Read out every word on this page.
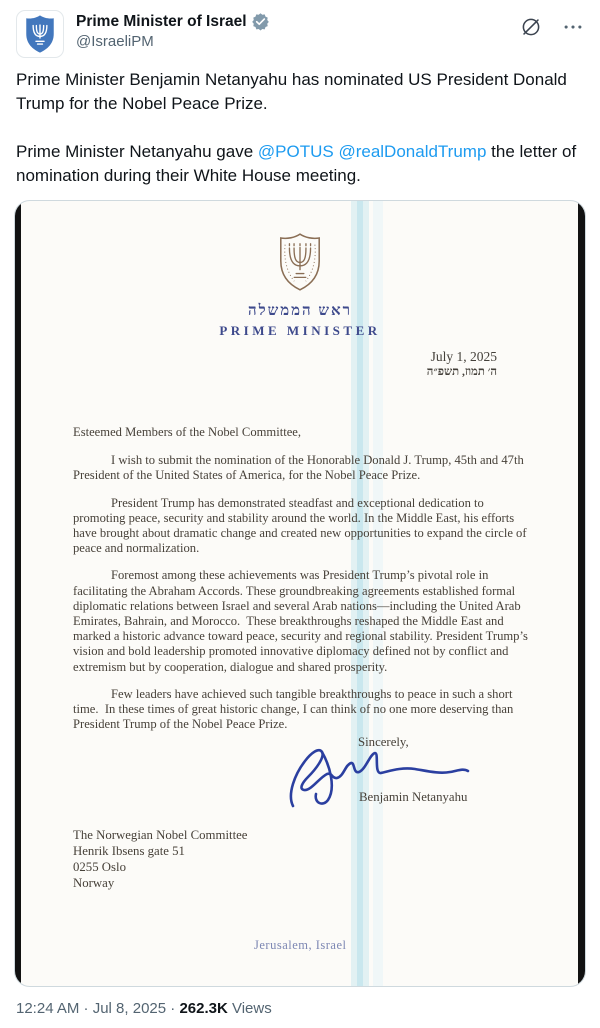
Prime Minister of Israel
@IsraeliPM

Prime Minister Benjamin Netanyahu has nominated US President Donald Trump for the Nobel Peace Prize.

Prime Minister Netanyahu gave @POTUS @realDonaldTrump the letter of nomination during their White House meeting.

ראש הממשלה
PRIME MINISTER
July 1, 2025
ה׳ תמוז, תשפ״ה

Esteemed Members of the Nobel Committee,

I wish to submit the nomination of the Honorable Donald J. Trump, 45th and 47th President of the United States of America, for the Nobel Peace Prize.

President Trump has demonstrated steadfast and exceptional dedication to promoting peace, security and stability around the world. In the Middle East, his efforts have brought about dramatic change and created new opportunities to expand the circle of peace and normalization.

Foremost among these achievements was President Trump’s pivotal role in facilitating the Abraham Accords. These groundbreaking agreements established formal diplomatic relations between Israel and several Arab nations—including the United Arab Emirates, Bahrain, and Morocco.  These breakthroughs reshaped the Middle East and marked a historic advance toward peace, security and regional stability. President Trump’s vision and bold leadership promoted innovative diplomacy defined not by conflict and extremism but by cooperation, dialogue and shared prosperity.

Few leaders have achieved such tangible breakthroughs to peace in such a short time.  In these times of great historic change, I can think of no one more deserving than President Trump of the Nobel Peace Prize.

Sincerely,
Benjamin Netanyahu
The Norwegian Nobel Committee
Henrik Ibsens gate 51
0255 Oslo
Norway
Jerusalem, Israel
12:24 AM · Jul 8, 2025 · 262.3K Views
